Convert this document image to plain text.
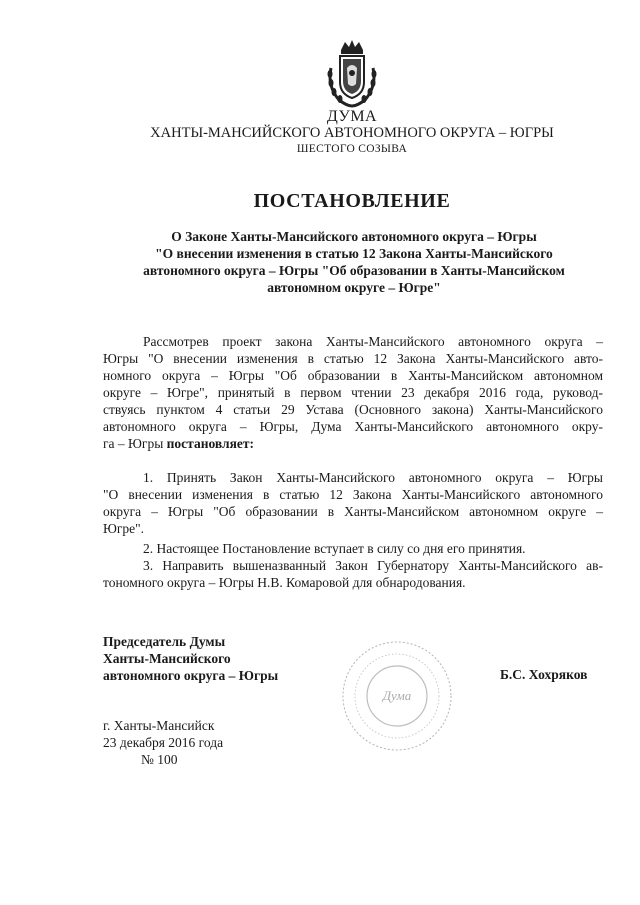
ДУМА
ХАНТЫ-МАНСИЙСКОГО АВТОНОМНОГО ОКРУГА – ЮГРЫ
ШЕСТОГО СОЗЫВА
ПОСТАНОВЛЕНИЕ
О Законе Ханты-Мансийского автономного округа – Югры
"О внесении изменения в статью 12 Закона Ханты-Мансийского
автономного округа – Югры "Об образовании в Ханты-Мансийском
автономном округе – Югре"
Рассмотрев проект закона Ханты-Мансийского автономного округа –
Югры "О внесении изменения в статью 12 Закона Ханты-Мансийского авто-
номного округа – Югры "Об образовании в Ханты-Мансийском автономном
округе – Югре", принятый в первом чтении 23 декабря 2016 года, руковод-
ствуясь пунктом 4 статьи 29 Устава (Основного закона) Ханты-Мансийского
автономного округа – Югры, Дума Ханты-Мансийского автономного окру-
га – Югры постановляет:
1. Принять Закон Ханты-Мансийского автономного округа – Югры
"О внесении изменения в статью 12 Закона Ханты-Мансийского автономного
округа – Югры "Об образовании в Ханты-Мансийском автономном округе –
Югре".
2. Настоящее Постановление вступает в силу со дня его принятия.
3. Направить вышеназванный Закон Губернатору Ханты-Мансийского ав-
тономного округа – Югры Н.В. Комаровой для обнародования.
Председатель Думы
Ханты-Мансийского
автономного округа – Югры
Дума
Б.С. Хохряков
г. Ханты-Мансийск
23 декабря 2016 года
№ 100
